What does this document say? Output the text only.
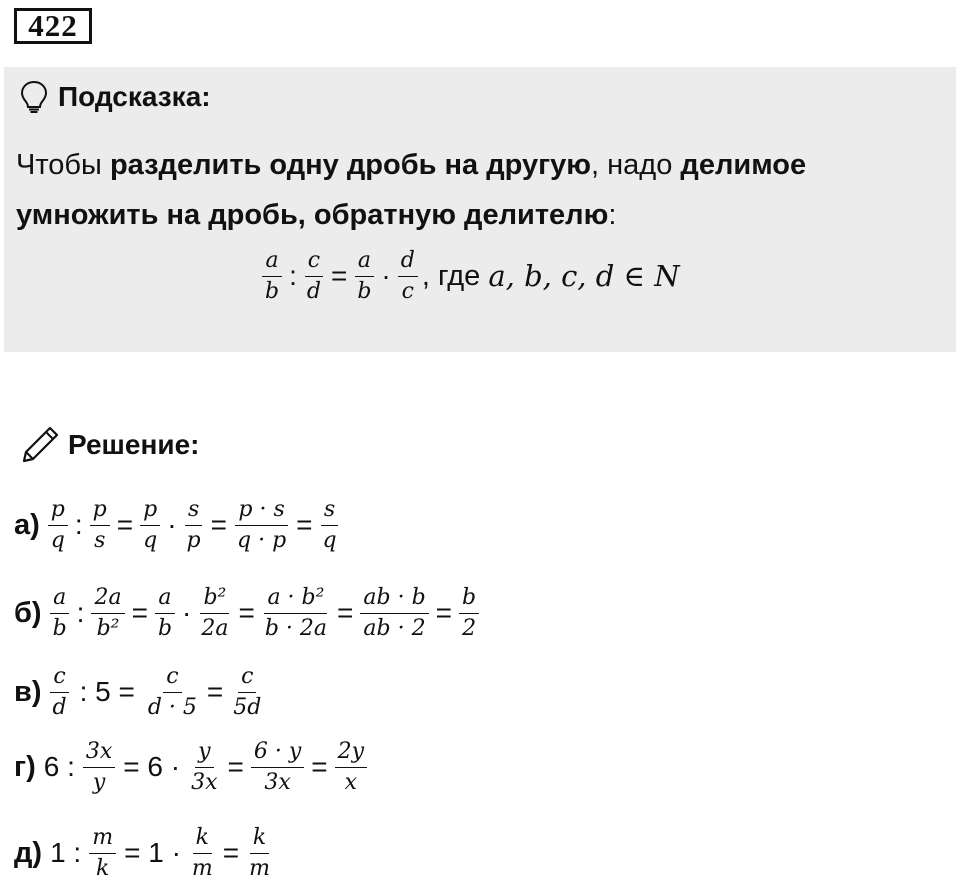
422
Подсказка:
Чтобы разделить одну дробь на другую, надо делимое умножить на дробь, обратную делителю:
$\frac{a}{b}$ : $\frac{c}{d} = \frac{a}{b} \cdot \frac{d}{c}$ , где a, b, c, d ∈ N
Решение:
$а) \frac{p}{q}$ : $\frac{p}{s} = \frac{p}{q} \cdot \frac{s}{p} = \frac{p \cdot s}{q \cdot p} = \frac{s}{q}$
$б) \frac{a}{b}$ : $\frac{2a}{\text{b²}} = \frac{a}{b} \cdot \frac{\text{b²}}{2a} = \frac{\text{a · b²}}{b \cdot 2a} = \frac{ab \cdot b}{ab \cdot 2} = \frac{b}{2}$
$в) \frac{c}{d}$ : $5 = \frac{c}{d \cdot 5} = \frac{c}{5d}$
г) 6 : $\frac{3x}{y} = 6 \cdot \frac{y}{3x} = \frac{6 \cdot y}{3x} = \frac{2y}{x}$
д) 1 : $\frac{m}{k} = 1 \cdot \frac{k}{m} = \frac{k}{m}$
